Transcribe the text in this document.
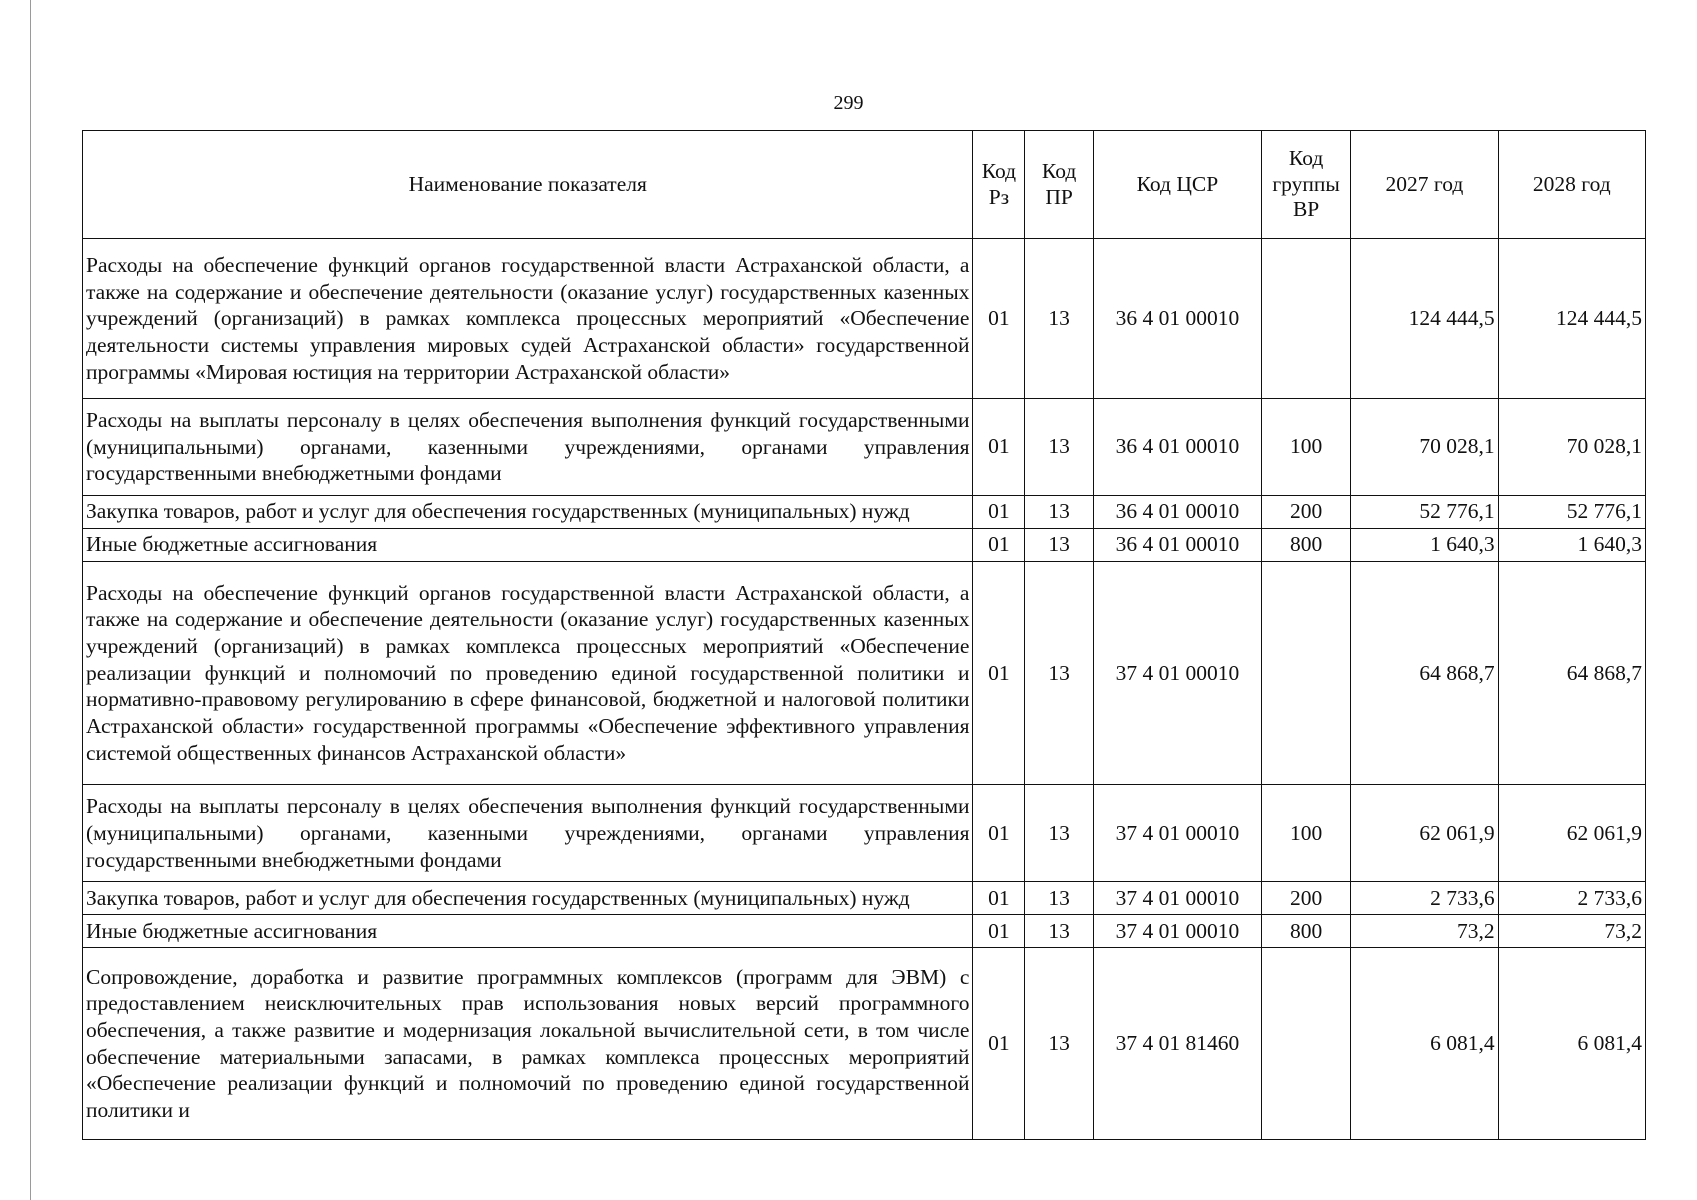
299
Наименование показателя	Код Рз	Код ПР	Код ЦСР	Код группы ВР	2027 год	2028 год
Расходы на обеспечение функций органов государственной власти Астраханской области, а также на содержание и обеспечение деятельности (оказание услуг) государственных казенных учреждений (организаций) в рамках комплекса процессных мероприятий «Обеспечение деятельности системы управления мировых судей Астраханской области» государственной программы «Мировая юстиция на территории Астраханской области»	01	13	36 4 01 00010		124 444,5	124 444,5
Расходы на выплаты персоналу в целях обеспечения выполнения функций государственными (муниципальными) органами, казенными учреждениями, органами управления государственными внебюджетными фондами	01	13	36 4 01 00010	100	70 028,1	70 028,1
Закупка товаров, работ и услуг для обеспечения государственных (муниципальных) нужд	01	13	36 4 01 00010	200	52 776,1	52 776,1
Иные бюджетные ассигнования	01	13	36 4 01 00010	800	1 640,3	1 640,3
Расходы на обеспечение функций органов государственной власти Астраханской области, а также на содержание и обеспечение деятельности (оказание услуг) государственных казенных учреждений (организаций) в рамках комплекса процессных мероприятий «Обеспечение реализации функций и полномочий по проведению единой государственной политики и нормативно-правовому регулированию в сфере финансовой, бюджетной и налоговой политики Астраханской области» государственной программы «Обеспечение эффективного управления системой общественных финансов Астраханской области»	01	13	37 4 01 00010		64 868,7	64 868,7
Расходы на выплаты персоналу в целях обеспечения выполнения функций государственными (муниципальными) органами, казенными учреждениями, органами управления государственными внебюджетными фондами	01	13	37 4 01 00010	100	62 061,9	62 061,9
Закупка товаров, работ и услуг для обеспечения государственных (муниципальных) нужд	01	13	37 4 01 00010	200	2 733,6	2 733,6
Иные бюджетные ассигнования	01	13	37 4 01 00010	800	73,2	73,2
Сопровождение, доработка и развитие программных комплексов (программ для ЭВМ) с предоставлением неисключительных прав использования новых версий программного обеспечения, а также развитие и модернизация локальной вычислительной сети, в том числе обеспечение материальными запасами, в рамках комплекса процессных мероприятий «Обеспечение реализации функций и полномочий по проведению единой государственной политики и	01	13	37 4 01 81460		6 081,4	6 081,4
